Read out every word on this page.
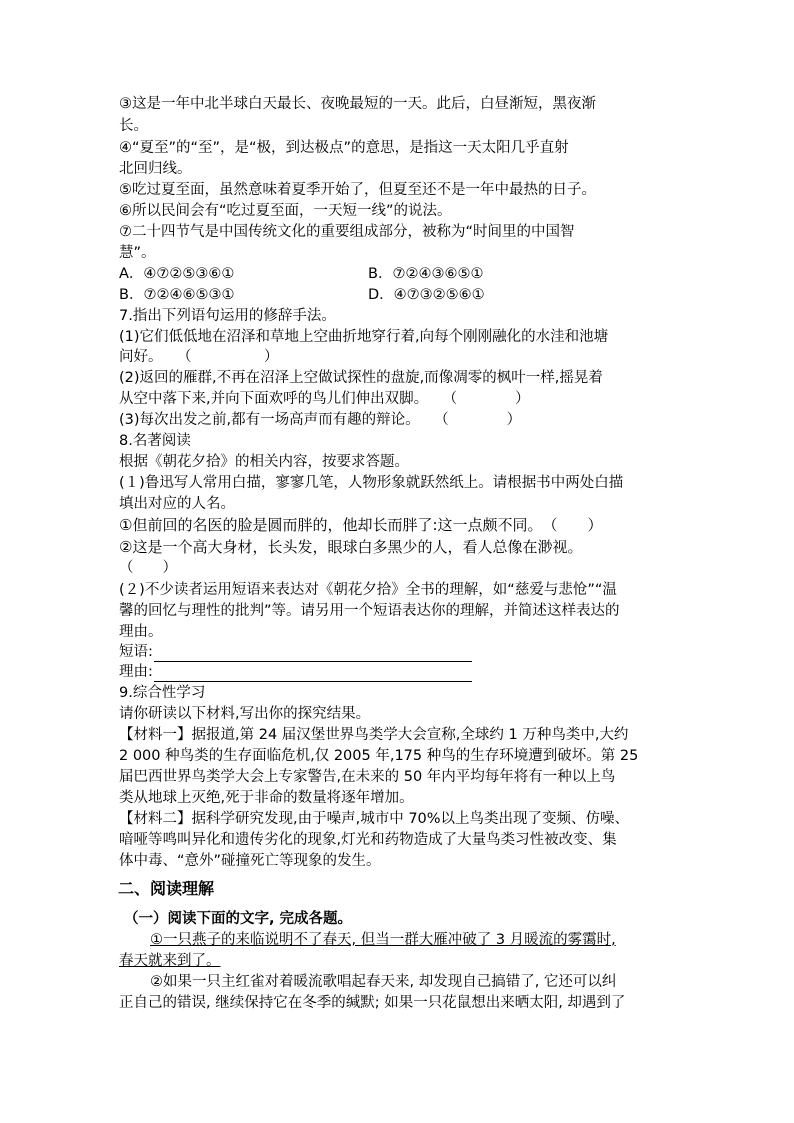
③这是一年中北半球白天最长、夜晚最短的一天。此后，白昼渐短，黑夜渐
长。
④“夏至”的“至”，是“极，到达极点”的意思，是指这一天太阳几乎直射
北回归线。
⑤吃过夏至面，虽然意味着夏季开始了，但夏至还不是一年中最热的日子。
⑥所以民间会有“吃过夏至面，一天短一线”的说法。
⑦二十四节气是中国传统文化的重要组成部分，被称为“时间里的中国智
慧”。
A．④⑦②⑤③⑥①	B．⑦②④③⑥⑤①
B．⑦②④⑥⑤③①	D．④⑦③②⑤⑥①
7.指出下列语句运用的修辞手法。
(1)它们低低地在沼泽和草地上空曲折地穿行着,向每个刚刚融化的水洼和池塘
问好。　　（　　　　　）
(2)返回的雁群,不再在沼泽上空做试探性的盘旋,而像凋零的枫叶一样,摇晃着
从空中落下来,并向下面欢呼的鸟儿们伸出双脚。　　（　　　　）
(3)每次出发之前,都有一场高声而有趣的辩论。　　（　　　　）
8.名著阅读
根据《朝花夕拾》的相关内容，按要求答题。
(１)鲁迅写人常用白描，寥寥几笔，人物形象就跃然纸上。请根据书中两处白描
填出对应的人名。
①但前回的名医的脸是圆而胖的，他却长而胖了:这一点颇不同。　（　　）
②这是一个高大身材，长头发，眼球白多黑少的人，看人总像在渺视。
（　　）
(２)不少读者运用短语来表达对《朝花夕拾》全书的理解，如“慈爱与悲怆”“温
馨的回忆与理性的批判”等。请另用一个短语表达你的理解，并简述这样表达的
理由。
短语:
理由:
9.综合性学习
请你研读以下材料,写出你的探究结果。
【材料一】据报道,第 24 届汉堡世界鸟类学大会宣称,全球约 1 万种鸟类中,大约
2 000 种鸟类的生存面临危机,仅 2005 年,175 种鸟的生存环境遭到破坏。第 25
届巴西世界鸟类学大会上专家警告,在未来的 50 年内平均每年将有一种以上鸟
类从地球上灭绝,死于非命的数量将逐年增加。
【材料二】据科学研究发现,由于噪声,城市中 70%以上鸟类出现了变频、仿噪、
喑哑等鸣叫异化和遗传劣化的现象,灯光和药物造成了大量鸟类习性被改变、集
体中毒、“意外”碰撞死亡等现象的发生。
二、阅读理解
（一）阅读下面的文字, 完成各题。
①一只燕子的来临说明不了春天, 但当一群大雁冲破了 3 月暖流的雾霭时,
春天就来到了。
②如果一只主红雀对着暖流歌唱起春天来, 却发现自己搞错了, 它还可以纠
正自己的错误, 继续保持它在冬季的缄默; 如果一只花鼠想出来晒太阳, 却遇到了
